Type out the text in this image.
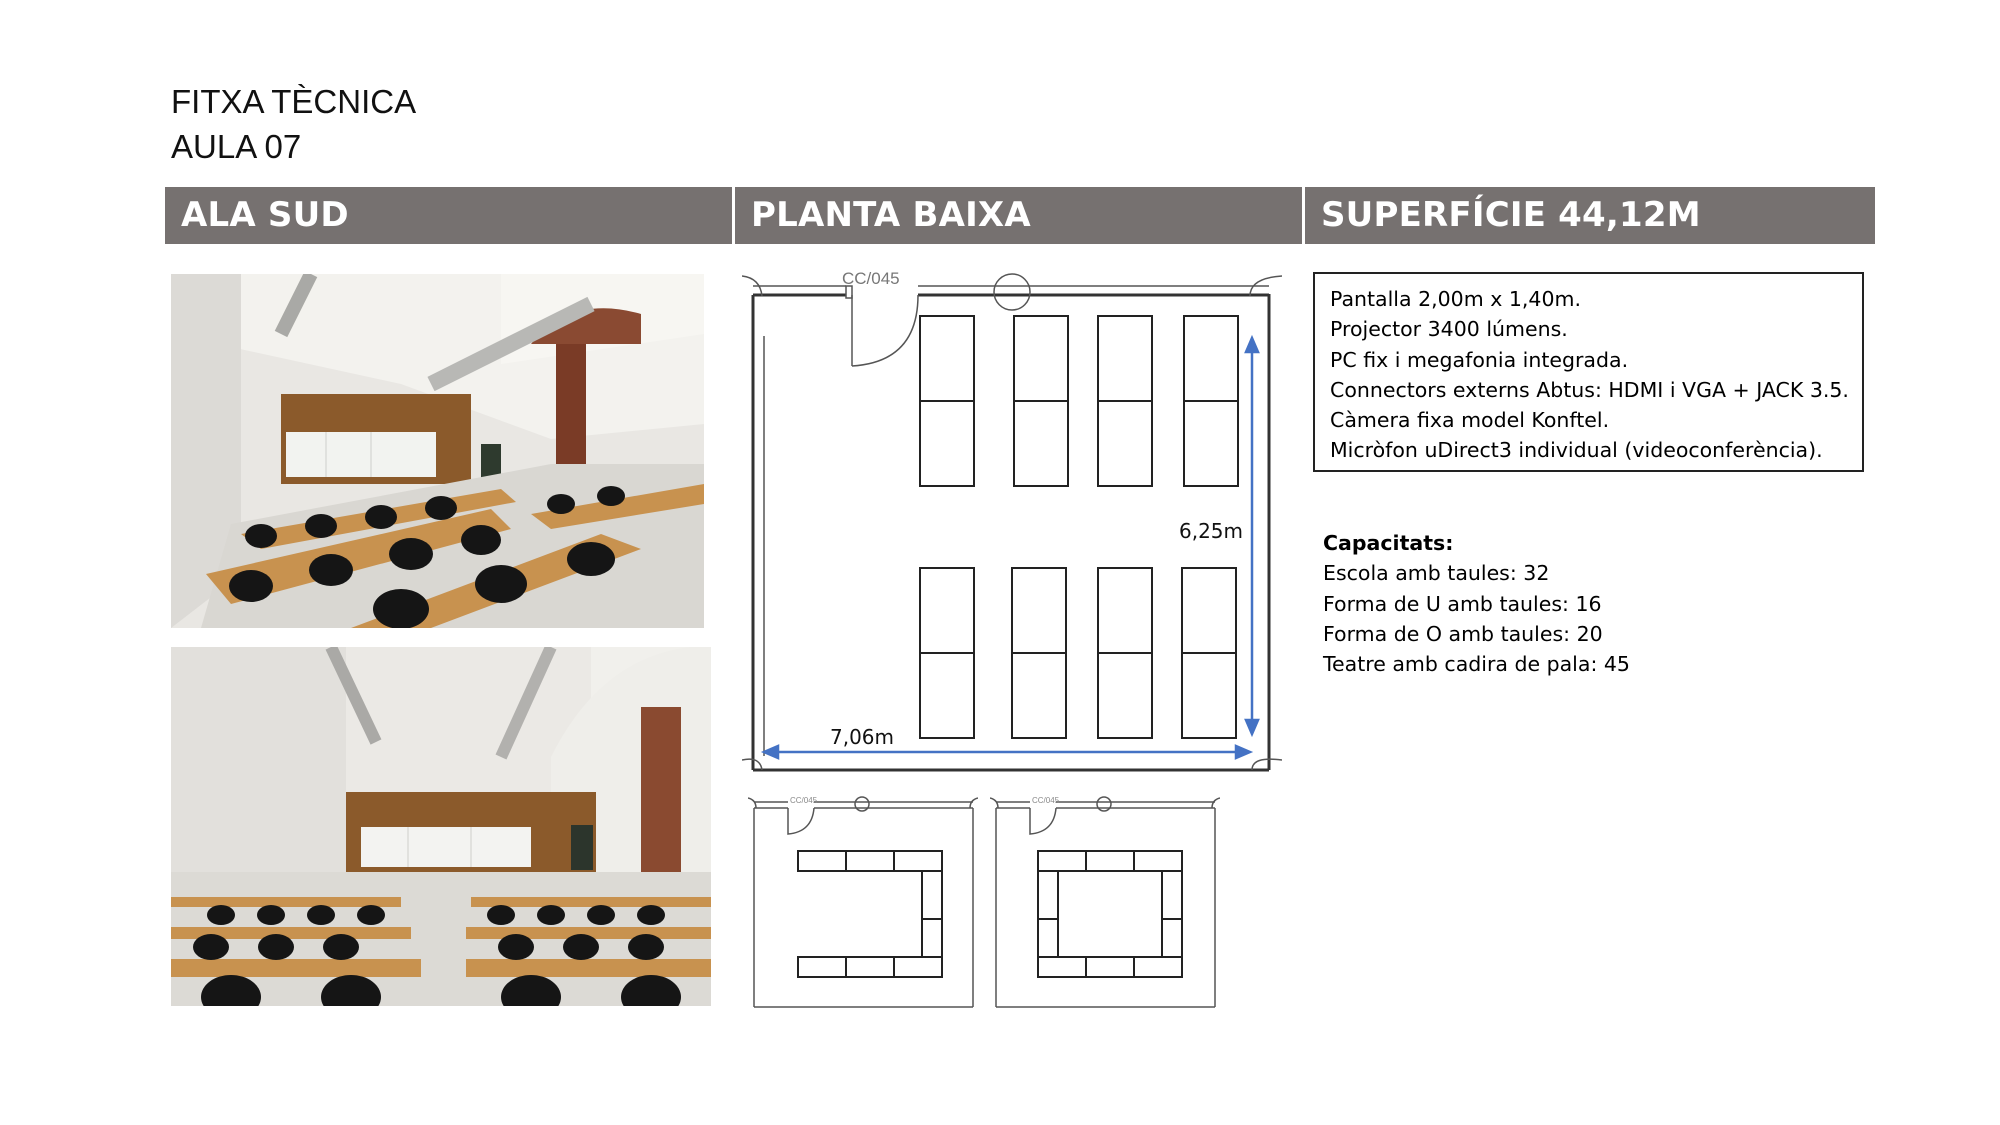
FITXA TÈCNICA
AULA 07
ALA SUD	PLANTA BAIXA	SUPERFÍCIE 44,12M
CC/045
7,06m
6,25m
CC/045	CC/045
Pantalla 2,00m x 1,40m.
Projector 3400 lúmens.
PC fix i megafonia integrada.
Connectors externs Abtus: HDMI i VGA + JACK 3.5.
Càmera fixa model Konftel.
Micròfon uDirect3 individual (videoconferència).
Capacitats:
Escola amb taules: 32
Forma de U amb taules: 16
Forma de O amb taules: 20
Teatre amb cadira de pala: 45
